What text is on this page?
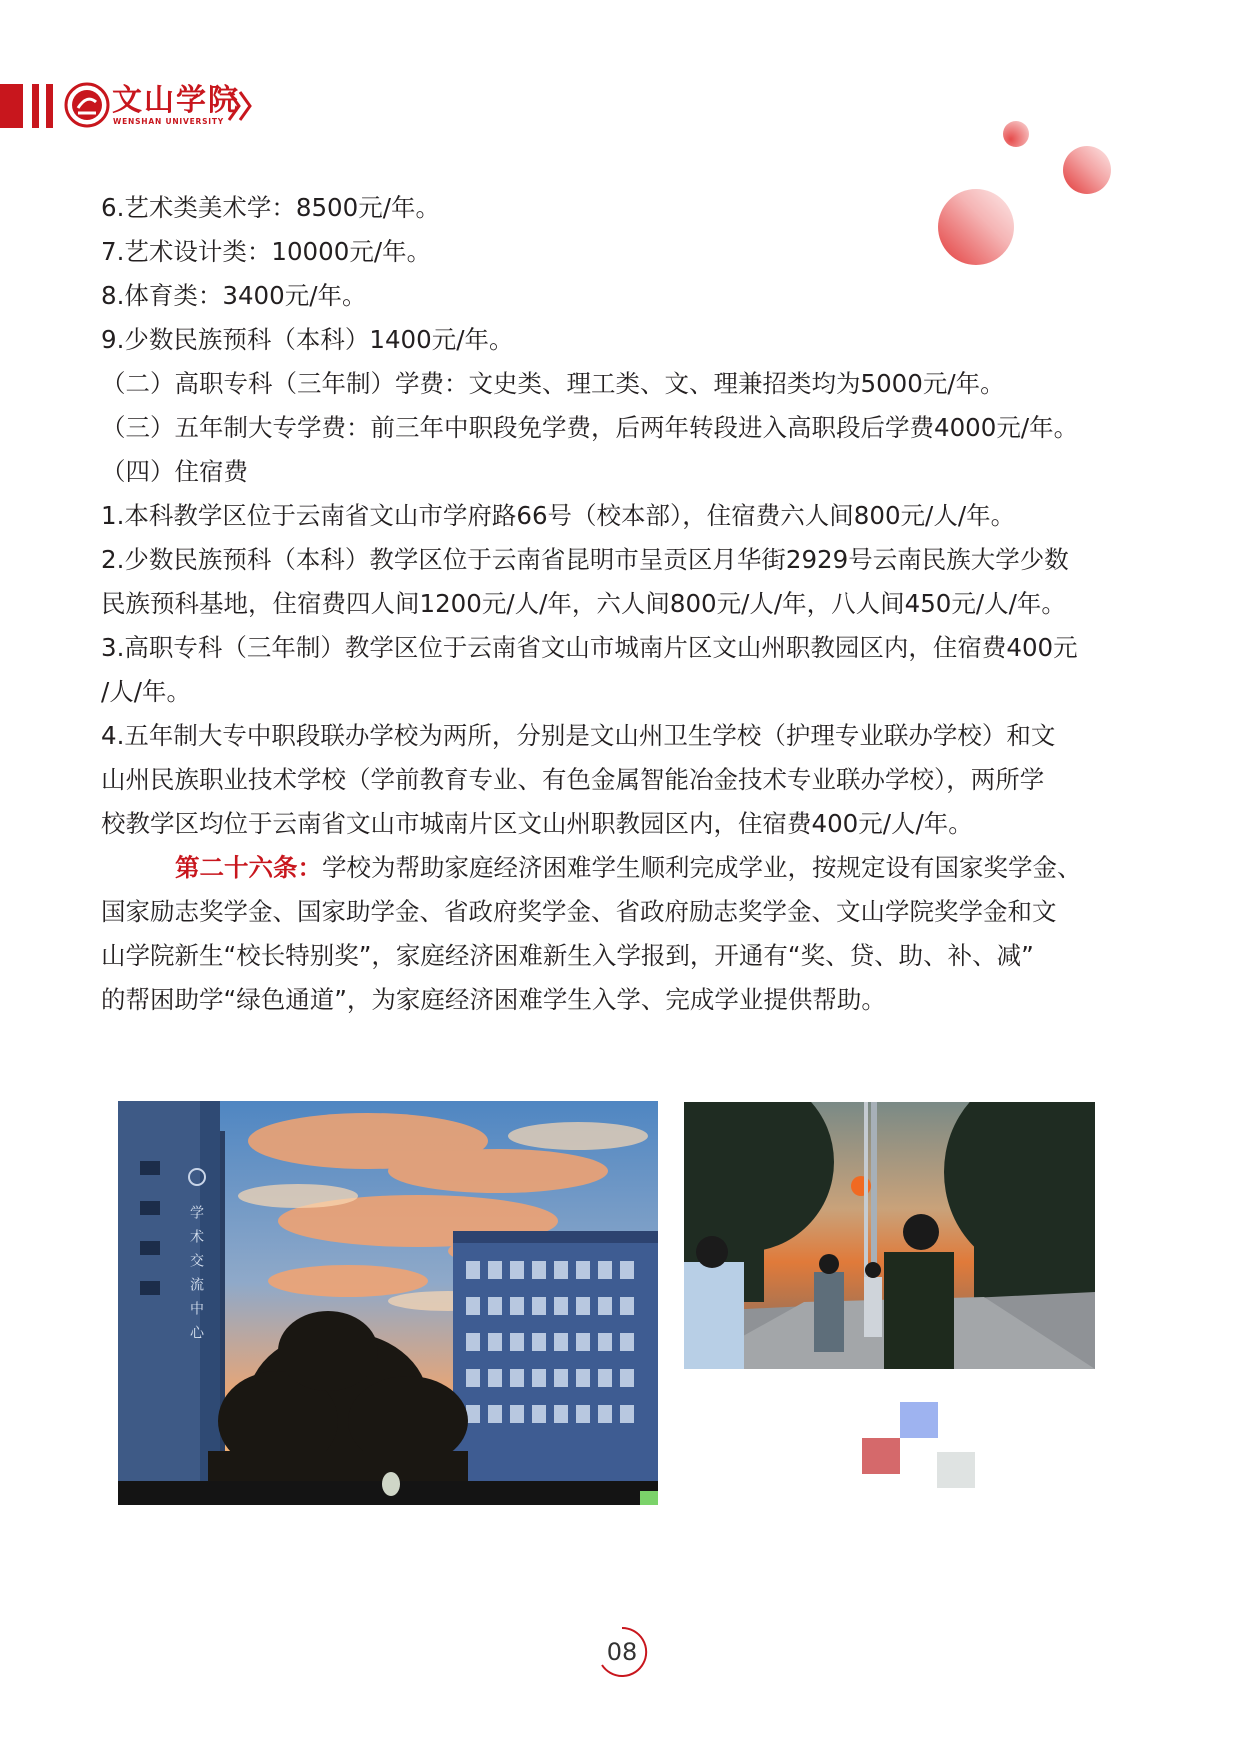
文山学院
WENSHAN UNIVERSITY

6.艺术类美术学：8500元/年。

7.艺术设计类：10000元/年。

8.体育类：3400元/年。

9.少数民族预科（本科）1400元/年。

（二）高职专科（三年制）学费：文史类、理工类、文、理兼招类均为5000元/年。

（三）五年制大专学费：前三年中职段免学费，后两年转段进入高职段后学费4000元/年。

（四）住宿费

1.本科教学区位于云南省文山市学府路66号（校本部），住宿费六人间800元/人/年。

2.少数民族预科（本科）教学区位于云南省昆明市呈贡区月华街2929号云南民族大学少数

民族预科基地，住宿费四人间1200元/人/年，六人间800元/人/年，八人间450元/人/年。

3.高职专科（三年制）教学区位于云南省文山市城南片区文山州职教园区内，住宿费400元

/人/年。

4.五年制大专中职段联办学校为两所，分别是文山州卫生学校（护理专业联办学校）和文

山州民族职业技术学校（学前教育专业、有色金属智能冶金技术专业联办学校），两所学

校教学区均位于云南省文山市城南片区文山州职教园区内，住宿费400元/人/年。

第二十六条：学校为帮助家庭经济困难学生顺利完成学业，按规定设有国家奖学金、

国家励志奖学金、国家助学金、省政府奖学金、省政府励志奖学金、文山学院奖学金和文

山学院新生“校长特别奖”，家庭经济困难新生入学报到，开通有“奖、贷、助、补、减”

的帮困助学“绿色通道”，为家庭经济困难学生入学、完成学业提供帮助。

学术交流中心
08
